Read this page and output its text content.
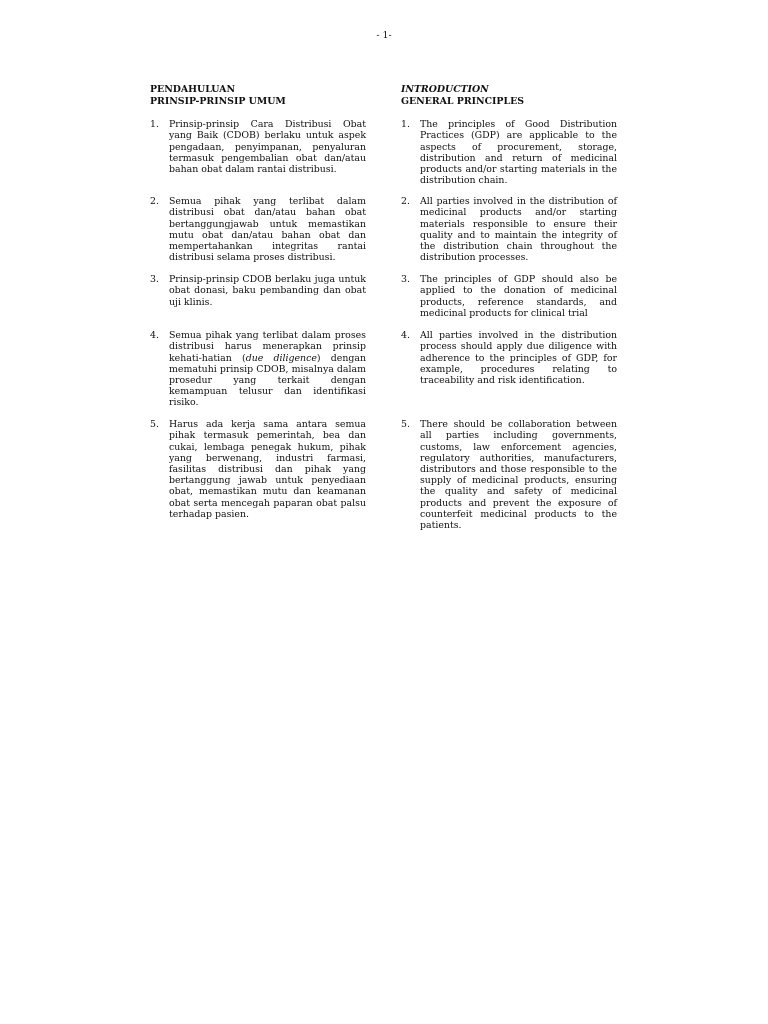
- 1-

PENDAHULUAN

PRINSIP-PRINSIP UMUM

1.	Prinsip-prinsip Cara Distribusi Obat yang Baik (CDOB) berlaku untuk aspek pengadaan, penyimpanan, penyaluran termasuk pengembalian obat dan/atau bahan obat dalam rantai distribusi.
2.	Semua pihak yang terlibat dalam distribusi obat dan/atau bahan obat bertanggungjawab untuk memastikan mutu obat dan/atau bahan obat dan mempertahankan integritas rantai distribusi selama proses distribusi.
3.	Prinsip-prinsip CDOB berlaku juga untuk obat donasi, baku pembanding dan obat uji klinis.
4.	Semua pihak yang terlibat dalam proses distribusi harus menerapkan prinsip kehati-hatian (due diligence) dengan mematuhi prinsip CDOB, misalnya dalam prosedur yang terkait dengan kemampuan telusur dan identifikasi risiko.
5.	Harus ada kerja sama antara semua pihak termasuk pemerintah, bea dan cukai, lembaga penegak hukum, pihak yang berwenang, industri farmasi, fasilitas distribusi dan pihak yang bertanggung jawab untuk penyediaan obat, memastikan mutu dan keamanan obat serta mencegah paparan obat palsu terhadap pasien.

INTRODUCTION

GENERAL PRINCIPLES

1.	The principles of Good Distribution Practices (GDP) are applicable to the aspects of procurement, storage, distribution and return of medicinal products and/or starting materials in the distribution chain.
2.	All parties involved in the distribution of medicinal products and/or starting materials responsible to ensure their quality and to maintain the integrity of the distribution chain throughout the distribution processes.
3.	The principles of GDP should also be applied to the donation of medicinal products, reference standards, and medicinal products for clinical trial
4.	All parties involved in the distribution process should apply due diligence with adherence to the principles of GDP, for example, procedures relating to traceability and risk identification.
5.	There should be collaboration between all parties including governments, customs, law enforcement agencies, regulatory authorities, manufacturers, distributors and those responsible to the supply of medicinal products, ensuring the quality and safety of medicinal products and prevent the exposure of counterfeit medicinal products to the patients.
